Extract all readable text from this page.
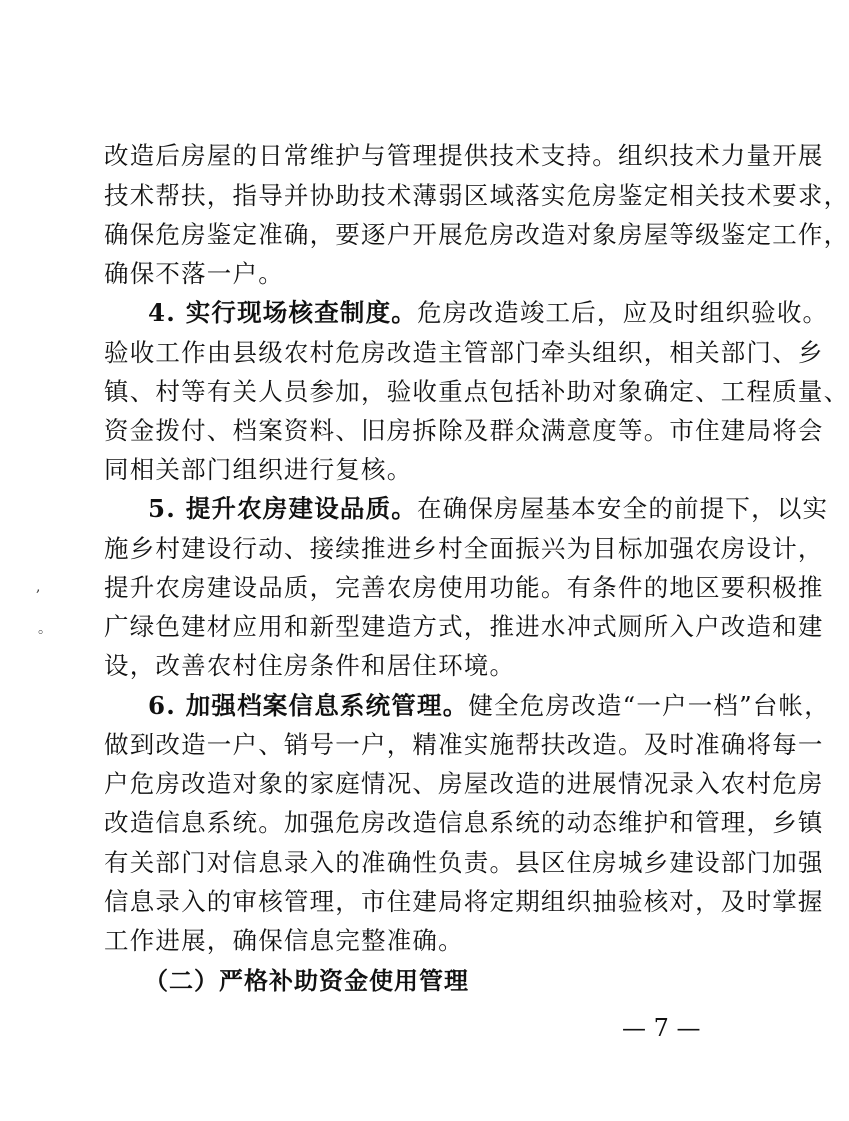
改造后房屋的日常维护与管理提供技术支持。组织技术力量开展
技术帮扶，指导并协助技术薄弱区域落实危房鉴定相关技术要求，
确保危房鉴定准确，要逐户开展危房改造对象房屋等级鉴定工作，
确保不落一户。
4. 实行现场核查制度。危房改造竣工后，应及时组织验收。
验收工作由县级农村危房改造主管部门牵头组织，相关部门、乡
镇、村等有关人员参加，验收重点包括补助对象确定、工程质量、
资金拨付、档案资料、旧房拆除及群众满意度等。市住建局将会
同相关部门组织进行复核。
5. 提升农房建设品质。在确保房屋基本安全的前提下，以实
施乡村建设行动、接续推进乡村全面振兴为目标加强农房设计，
提升农房建设品质，完善农房使用功能。有条件的地区要积极推
广绿色建材应用和新型建造方式，推进水冲式厕所入户改造和建
设，改善农村住房条件和居住环境。
6. 加强档案信息系统管理。健全危房改造“一户一档”台帐，
做到改造一户、销号一户，精准实施帮扶改造。及时准确将每一
户危房改造对象的家庭情况、房屋改造的进展情况录入农村危房
改造信息系统。加强危房改造信息系统的动态维护和管理，乡镇
有关部门对信息录入的准确性负责。县区住房城乡建设部门加强
信息录入的审核管理，市住建局将定期组织抽验核对，及时掌握
工作进展，确保信息完整准确。
（二）严格补助资金使用管理
— 7 —
,
。
